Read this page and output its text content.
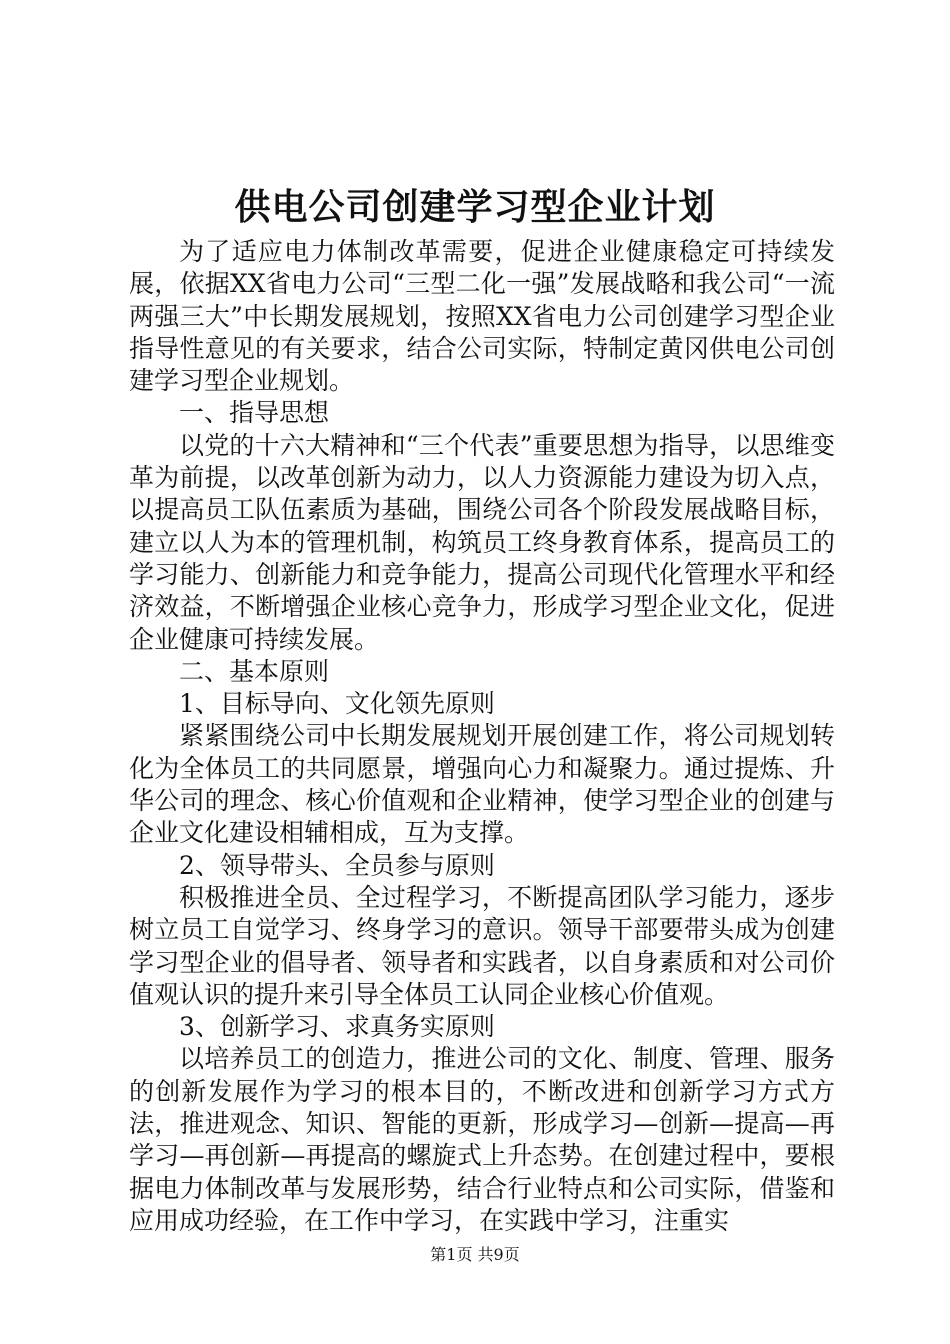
供电公司创建学习型企业计划

为了适应电力体制改革需要，促进企业健康稳定可持续发展，依据XX省电力公司“三型二化一强”发展战略和我公司“一流两强三大”中长期发展规划，按照XX省电力公司创建学习型企业指导性意见的有关要求，结合公司实际，特制定黄冈供电公司创建学习型企业规划。

一、指导思想

以党的十六大精神和“三个代表”重要思想为指导，以思维变革为前提，以改革创新为动力，以人力资源能力建设为切入点，以提高员工队伍素质为基础，围绕公司各个阶段发展战略目标，建立以人为本的管理机制，构筑员工终身教育体系，提高员工的学习能力、创新能力和竞争能力，提高公司现代化管理水平和经济效益，不断增强企业核心竞争力，形成学习型企业文化，促进企业健康可持续发展。

二、基本原则

1、目标导向、文化领先原则

紧紧围绕公司中长期发展规划开展创建工作，将公司规划转化为全体员工的共同愿景，增强向心力和凝聚力。通过提炼、升华公司的理念、核心价值观和企业精神，使学习型企业的创建与企业文化建设相辅相成，互为支撑。

2、领导带头、全员参与原则

积极推进全员、全过程学习，不断提高团队学习能力，逐步树立员工自觉学习、终身学习的意识。领导干部要带头成为创建学习型企业的倡导者、领导者和实践者，以自身素质和对公司价值观认识的提升来引导全体员工认同企业核心价值观。

3、创新学习、求真务实原则

以培养员工的创造力，推进公司的文化、制度、管理、服务的创新发展作为学习的根本目的，不断改进和创新学习方式方法，推进观念、知识、智能的更新，形成学习—创新—提高—再学习—再创新—再提高的螺旋式上升态势。在创建过程中，要根据电力体制改革与发展形势，结合行业特点和公司实际，借鉴和应用成功经验，在工作中学习，在实践中学习，注重实

第1页 共9页
